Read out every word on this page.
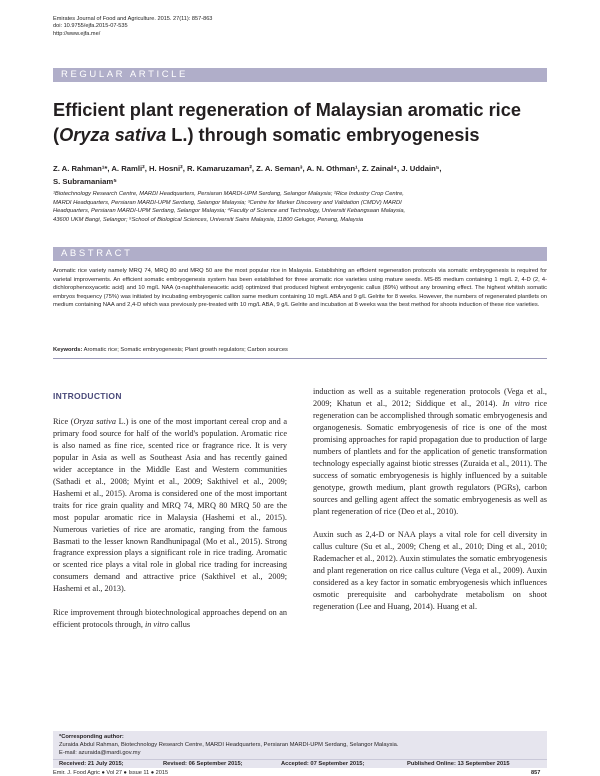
Emirates Journal of Food and Agriculture. 2015. 27(11): 857-863
doi: 10.9755/ejfa.2015-07-535
http://www.ejfa.me/
REGULAR ARTICLE
Efficient plant regeneration of Malaysian aromatic rice
(Oryza sativa L.) through somatic embryogenesis
Z. A. Rahman¹*, A. Ramli², H. Hosni², R. Kamaruzaman², Z. A. Seman³, A. N. Othman¹, Z. Zainal⁴, J. Uddain⁵,
S. Subramaniam⁵
¹Biotechnology Research Centre, MARDI Headquarters, Persiaran MARDI-UPM Serdang, Selangor Malaysia; ²Rice Industry Crop Centre,
MARDI Headquarters, Persiaran MARDI-UPM Serdang, Selangor Malaysia; ³Centre for Marker Discovery and Validation (CMDV) MARDI
Headquarters, Persiaran MARDI-UPM Serdang, Selangor Malaysia; ⁴Faculty of Science and Technology, Universiti Kebangsaan Malaysia,
43600 UKM Bangi, Selangor; ⁵School of Biological Sciences, Universiti Sains Malaysia, 11800 Gelugor, Penang, Malaysia
ABSTRACT
Aromatic rice variety namely MRQ 74, MRQ 80 and MRQ 50 are the most popular rice in Malaysia. Establishing an efficient regeneration protocols via somatic embryogenesis is required for varietal improvements. An efficient somatic embryogenesis system has been established for three aromatic rice varieties using mature seeds. MS-85 medium containing 1 mg/L 2, 4-D (2, 4-dichlorophenoxyacetic acid) and 10 mg/L NAA (α-naphthaleneacetic acid) optimized that produced highest embryogenic callus (89%) without any browning effect. The highest whitish somatic embryos frequency (75%) was initiated by incubating embryogenic callion same medium containing 10 mg/L ABA and 9 g/L Gelrite for 8 weeks. However, the numbers of regenerated plantlets on medium containing NAA and 2,4-D which was previously pre-treated with 10 mg/L ABA, 9 g/L Gelrite and incubation at 8 weeks was the best method for shoots induction of these rice varieties.
Keywords: Aromatic rice; Somatic embryogenesis; Plant growth regulators; Carbon sources
INTRODUCTION

Rice (Oryza sativa L.) is one of the most important cereal crop and a primary food source for half of the world's population. Aromatic rice is also named as fine rice, scented rice or fragrance rice. It is very popular in Asia as well as Southeast Asia and has recently gained wider acceptance in the Middle East and Western communities (Sathadi et al., 2008; Myint et al., 2009; Sakthivel et al., 2009; Hashemi et al., 2015). Aroma is considered one of the most important traits for rice grain quality and MRQ 74, MRQ 80 MRQ 50 are the most popular aromatic rice in Malaysia (Hashemi et al., 2015). Numerous varieties of rice are aromatic, ranging from the famous Basmati to the lesser known Randhunipagal (Mo et al., 2015). Strong fragrance expression plays a significant role in rice trading. Aromatic or scented rice plays a vital role in global rice trading for increasing consumers demand and attractive price (Sakthivel et al., 2009; Hashemi et al., 2013).

Rice improvement through biotechnological approaches depend on an efficient protocols through, in vitro callus

induction as well as a suitable regeneration protocols (Vega et al., 2009; Khatun et al., 2012; Siddique et al., 2014). In vitro rice regeneration can be accomplished through somatic embryogenesis and organogenesis. Somatic embryogenesis of rice is one of the most promising approaches for rapid propagation due to production of large numbers of plantlets and for the application of genetic transformation technology especially against biotic stresses (Zuraida et al., 2011). The success of somatic embryogenesis is highly influenced by a suitable genotype, growth medium, plant growth regulators (PGRs), carbon sources and gelling agent affect the somatic embryogenesis as well as plant regeneration of rice (Deo et al., 2010).

Auxin such as 2,4-D or NAA plays a vital role for cell diversity in callus culture (Su et al., 2009; Cheng et al., 2010; Ding et al., 2010; Rademacher et al., 2012). Auxin stimulates the somatic embryogenesis and plant regeneration on rice callus culture (Vega et al., 2009). Auxin considered as a key factor in somatic embryogenesis which influences osmotic prerequisite and carbohydrate metabolism on shoot regeneration (Lee and Huang, 2014). Huang et al.

*Corresponding author:
Zuraida Abdul Rahman, Biotechnology Research Centre, MARDI Headquarters, Persiaran MARDI-UPM Serdang, Selangor Malaysia.
E-mail: azuraida@mardi.gov.my
Received: 21 July 2015;	Revised: 06 September 2015;	Accepted: 07 September 2015;	Published Online: 13 September 2015
Emir. J. Food Agric ● Vol 27 ● Issue 11 ● 2015	857
